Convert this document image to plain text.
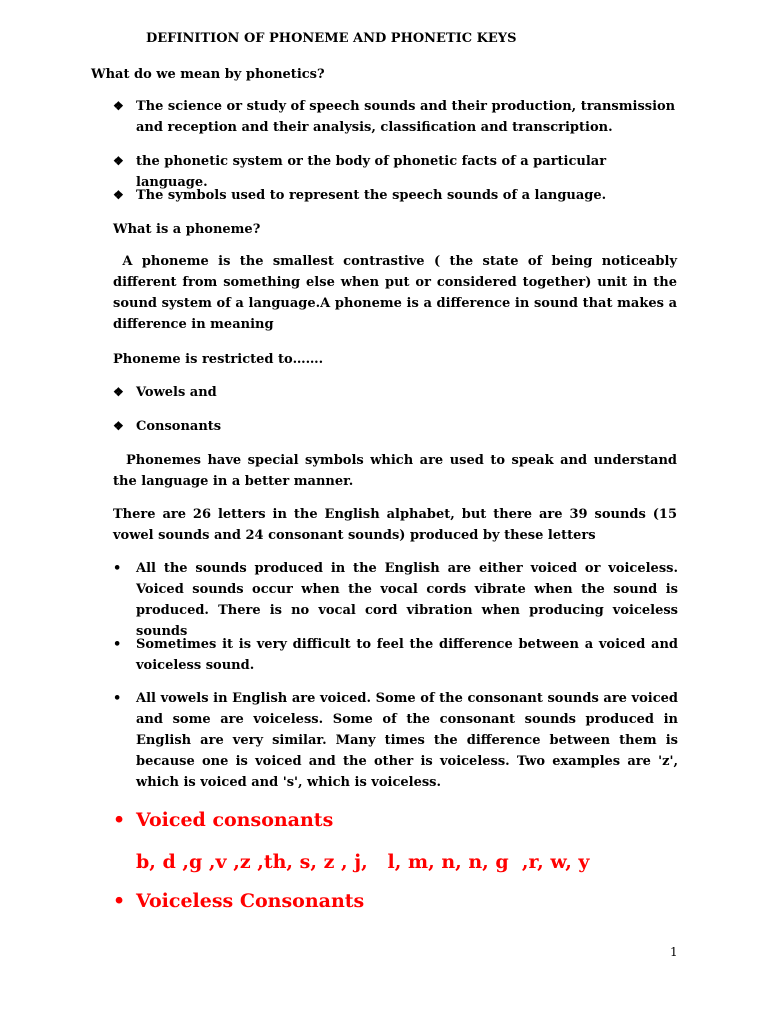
DEFINITION OF PHONEME AND PHONETIC KEYS
What do we mean by phonetics?
❖ The science or study of speech sounds and their production, transmission and reception and their analysis, classification and transcription.
❖ the phonetic system or the body of phonetic facts of a particular language.
❖ The symbols used to represent the speech sounds of a language.
What is a phoneme?
A phoneme is the smallest contrastive ( the state of being noticeably different from something else when put or considered together) unit in the sound system of a language.A phoneme is a difference in sound that makes a difference in meaning
Phoneme is restricted to…….
❖ Vowels and
❖ Consonants
Phonemes have special symbols which are used to speak and understand the language in a better manner.
There are 26 letters in the English alphabet, but there are 39 sounds (15 vowel sounds and 24 consonant sounds) produced by these letters
•	All the sounds produced in the English are either voiced or voiceless. Voiced sounds occur when the vocal cords vibrate when the sound is produced. There is no vocal cord vibration when producing voiceless sounds
•	Sometimes it is very difficult to feel the difference between a voiced and voiceless sound.
•	All vowels in English are voiced. Some of the consonant sounds are voiced and some are voiceless. Some of the consonant sounds produced in English are very similar. Many times the difference between them is because one is voiced and the other is voiceless. Two examples are 'z', which is voiced and 's', which is voiceless.
• Voiced consonants
b, d ,g ,v ,z ,th, s, z , j,   l, m, n, n, g  ,r, w, y
• Voiceless Consonants
1
